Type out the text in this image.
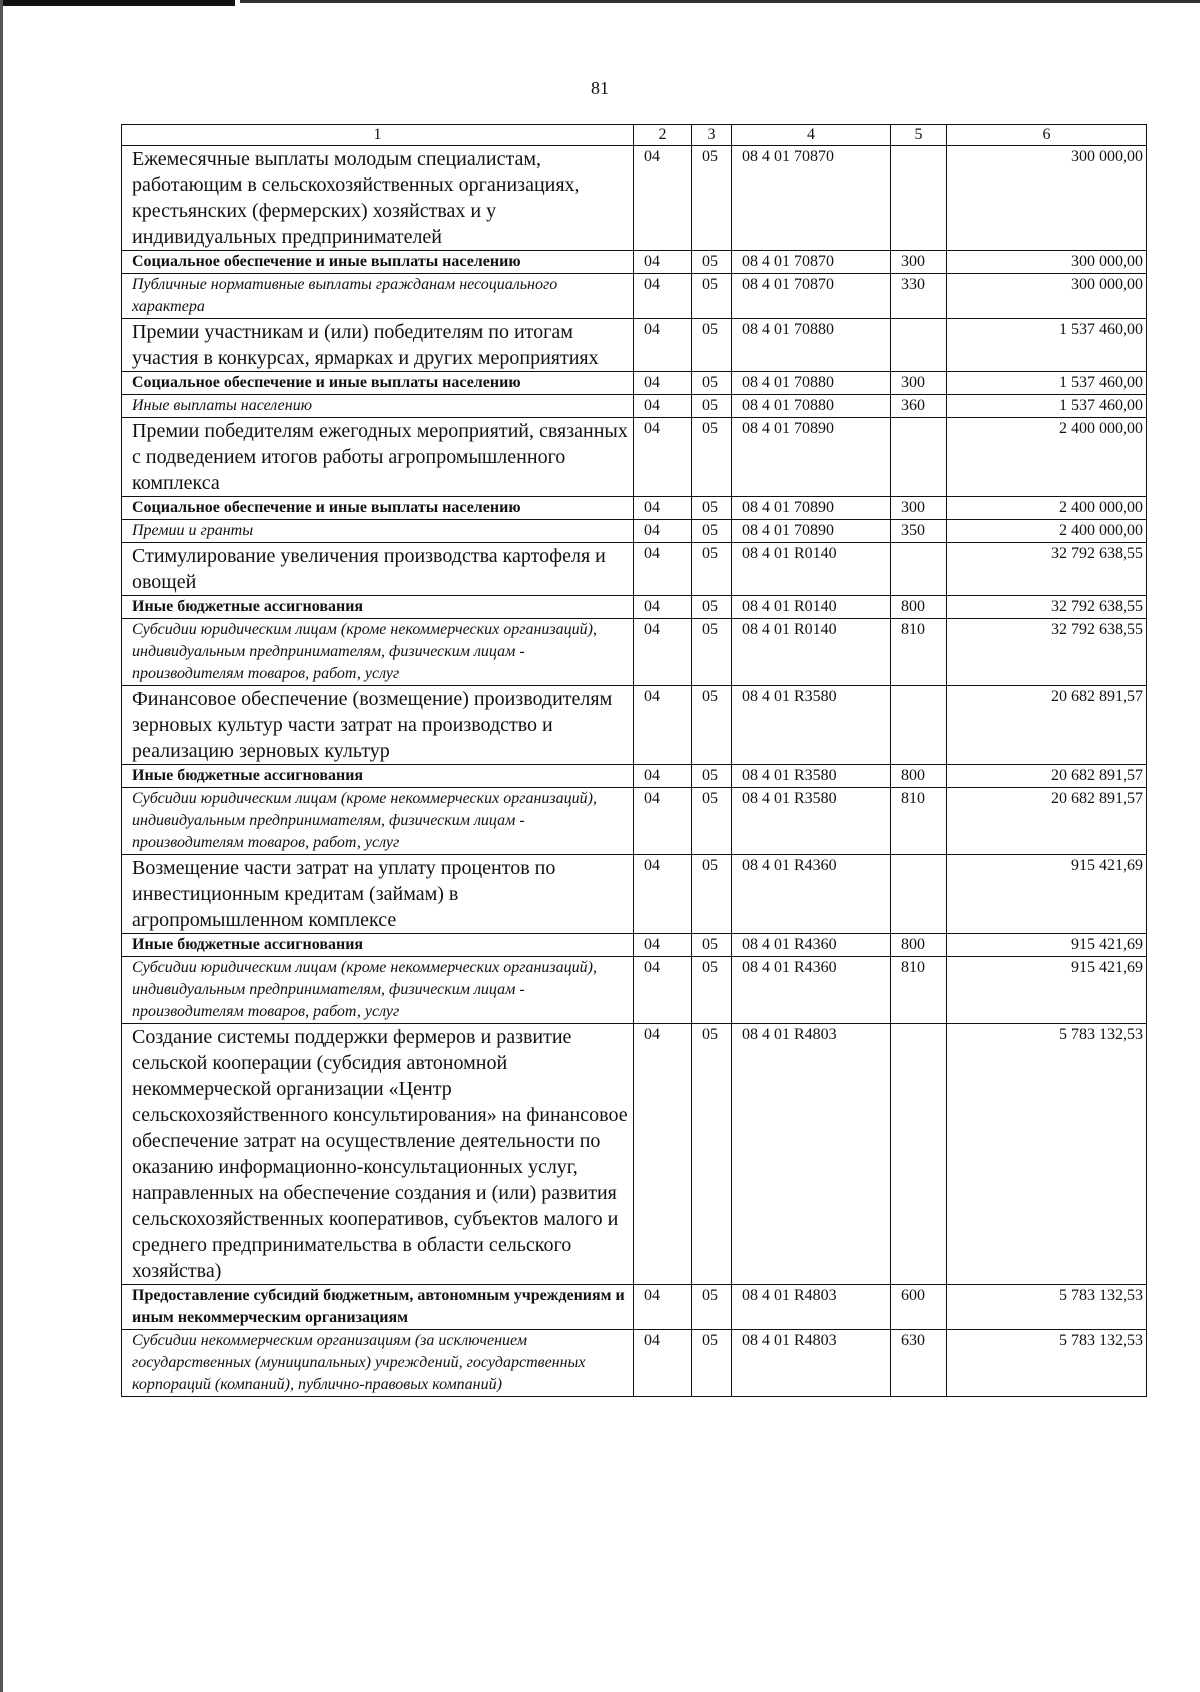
81
1	2	3	4	5	6
Ежемесячные выплаты молодым специалистам, работающим в сельскохозяйственных организациях, крестьянских (фермерских) хозяйствах и у индивидуальных предпринимателей	04	05	08 4 01 70870		300 000,00
Социальное обеспечение и иные выплаты населению	04	05	08 4 01 70870	300	300 000,00
Публичные нормативные выплаты гражданам несоциального характера	04	05	08 4 01 70870	330	300 000,00
Премии участникам и (или) победителям по итогам участия в конкурсах, ярмарках и других мероприятиях	04	05	08 4 01 70880		1 537 460,00
Социальное обеспечение и иные выплаты населению	04	05	08 4 01 70880	300	1 537 460,00
Иные выплаты населению	04	05	08 4 01 70880	360	1 537 460,00
Премии победителям ежегодных мероприятий, связанных с подведением итогов работы агропромышленного комплекса	04	05	08 4 01 70890		2 400 000,00
Социальное обеспечение и иные выплаты населению	04	05	08 4 01 70890	300	2 400 000,00
Премии и гранты	04	05	08 4 01 70890	350	2 400 000,00
Стимулирование увеличения производства картофеля и овощей	04	05	08 4 01 R0140		32 792 638,55
Иные бюджетные ассигнования	04	05	08 4 01 R0140	800	32 792 638,55
Субсидии юридическим лицам (кроме некоммерческих организаций), индивидуальным предпринимателям, физическим лицам - производителям товаров, работ, услуг	04	05	08 4 01 R0140	810	32 792 638,55
Финансовое обеспечение (возмещение) производителям зерновых культур части затрат на производство и реализацию зерновых культур	04	05	08 4 01 R3580		20 682 891,57
Иные бюджетные ассигнования	04	05	08 4 01 R3580	800	20 682 891,57
Субсидии юридическим лицам (кроме некоммерческих организаций), индивидуальным предпринимателям, физическим лицам - производителям товаров, работ, услуг	04	05	08 4 01 R3580	810	20 682 891,57
Возмещение части затрат на уплату процентов по инвестиционным кредитам (займам) в агропромышленном комплексе	04	05	08 4 01 R4360		915 421,69
Иные бюджетные ассигнования	04	05	08 4 01 R4360	800	915 421,69
Субсидии юридическим лицам (кроме некоммерческих организаций), индивидуальным предпринимателям, физическим лицам - производителям товаров, работ, услуг	04	05	08 4 01 R4360	810	915 421,69
Создание системы поддержки фермеров и развитие сельской кооперации (субсидия автономной некоммерческой организации «Центр сельскохозяйственного консультирования» на финансовое обеспечение затрат на осуществление деятельности по оказанию информационно-консультационных услуг, направленных на обеспечение создания и (или) развития сельскохозяйственных кооперативов, субъектов малого и среднего предпринимательства в области сельского хозяйства)	04	05	08 4 01 R4803		5 783 132,53
Предоставление субсидий бюджетным, автономным учреждениям и иным некоммерческим организациям	04	05	08 4 01 R4803	600	5 783 132,53
Субсидии некоммерческим организациям (за исключением государственных (муниципальных) учреждений, государственных корпораций (компаний), публично-правовых компаний)	04	05	08 4 01 R4803	630	5 783 132,53
